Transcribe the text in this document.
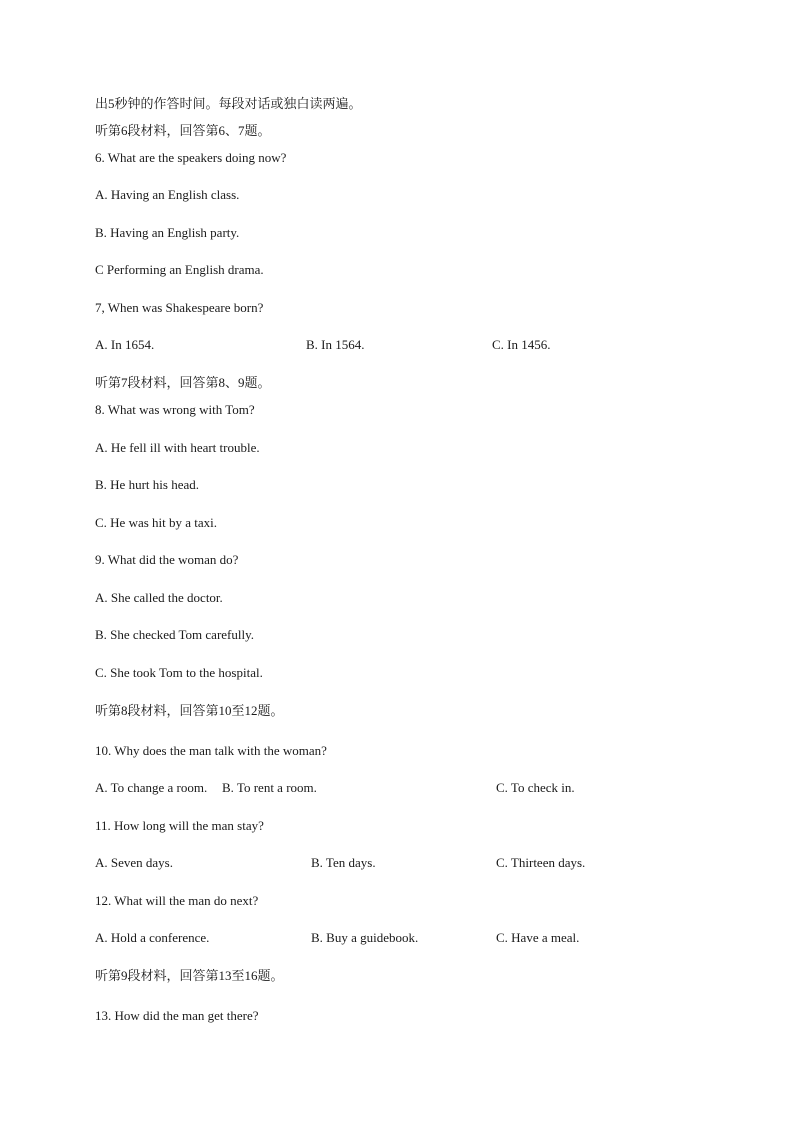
出5秒钟的作答时间。每段对话或独白读两遍。
听第6段材料，回答第6、7题。
6. What are the speakers doing now?
A. Having an English class.
B. Having an English party.
C Performing an English drama.
7, When was Shakespeare born?
A. In 1654.	B. In 1564.	C. In 1456.
听第7段材料，回答第8、9题。
8. What was wrong with Tom?
A. He fell ill with heart trouble.
B. He hurt his head.
C. He was hit by a taxi.
9. What did the woman do?
A. She called the doctor.
B. She checked Tom carefully.
C. She took Tom to the hospital.
听第8段材料，回答第10至12题。
10. Why does the man talk with the woman?
A. To change a room. B. To rent a room.	C. To check in.
11. How long will the man stay?
A. Seven days.	B. Ten days.	C. Thirteen days.
12. What will the man do next?
A. Hold a conference.	B. Buy a guidebook.	C. Have a meal.
听第9段材料，回答第13至16题。
13. How did the man get there?
